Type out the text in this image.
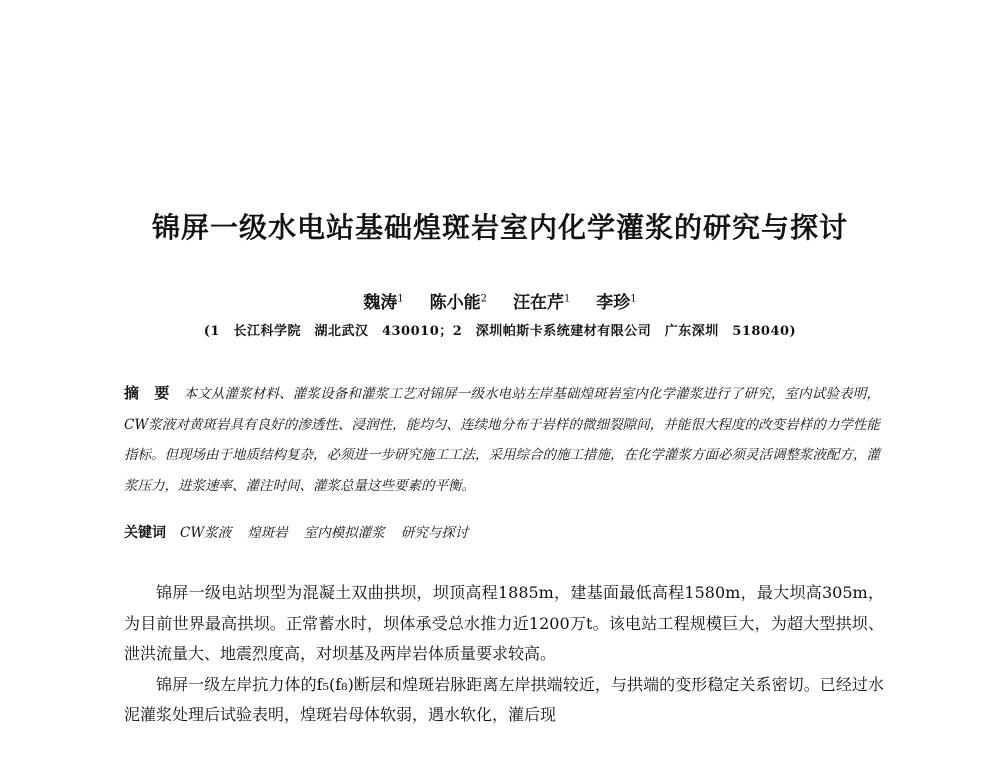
锦屏一级水电站基础煌斑岩室内化学灌浆的研究与探讨
魏涛$^1$ 陈小能$^2$ 汪在芹$^1$ 李珍$^1$
(1　长江科学院　湖北武汉　430010；2　深圳帕斯卡系统建材有限公司　广东深圳　518040)

摘　要 本文从灌浆材料、灌浆设备和灌浆工艺对锦屏一级水电站左岸基础煌斑岩室内化学灌浆进行了研究，室内试验表明，CW浆液对黄斑岩具有良好的渗透性、浸润性，能均匀、连续地分布于岩样的微细裂隙间，并能很大程度的改变岩样的力学性能指标。但现场由于地质结构复杂，必须进一步研究施工工法，采用综合的施工措施，在化学灌浆方面必须灵活调整浆液配方，灌浆压力，进浆速率、灌注时间、灌浆总量这些要素的平衡。

关键词 CW浆液 煌斑岩 室内模拟灌浆 研究与探讨

锦屏一级电站坝型为混凝土双曲拱坝，坝顶高程1885m，建基面最低高程1580m，最大坝高305m，为目前世界最高拱坝。正常蓄水时，坝体承受总水推力近1200万t。该电站工程规模巨大，为超大型拱坝、泄洪流量大、地震烈度高，对坝基及两岸岩体质量要求较高。

锦屏一级左岸抗力体的f₅(f₈)断层和煌斑岩脉距离左岸拱端较近，与拱端的变形稳定关系密切。已经过水泥灌浆处理后试验表明，煌斑岩母体软弱，遇水软化，灌后现
